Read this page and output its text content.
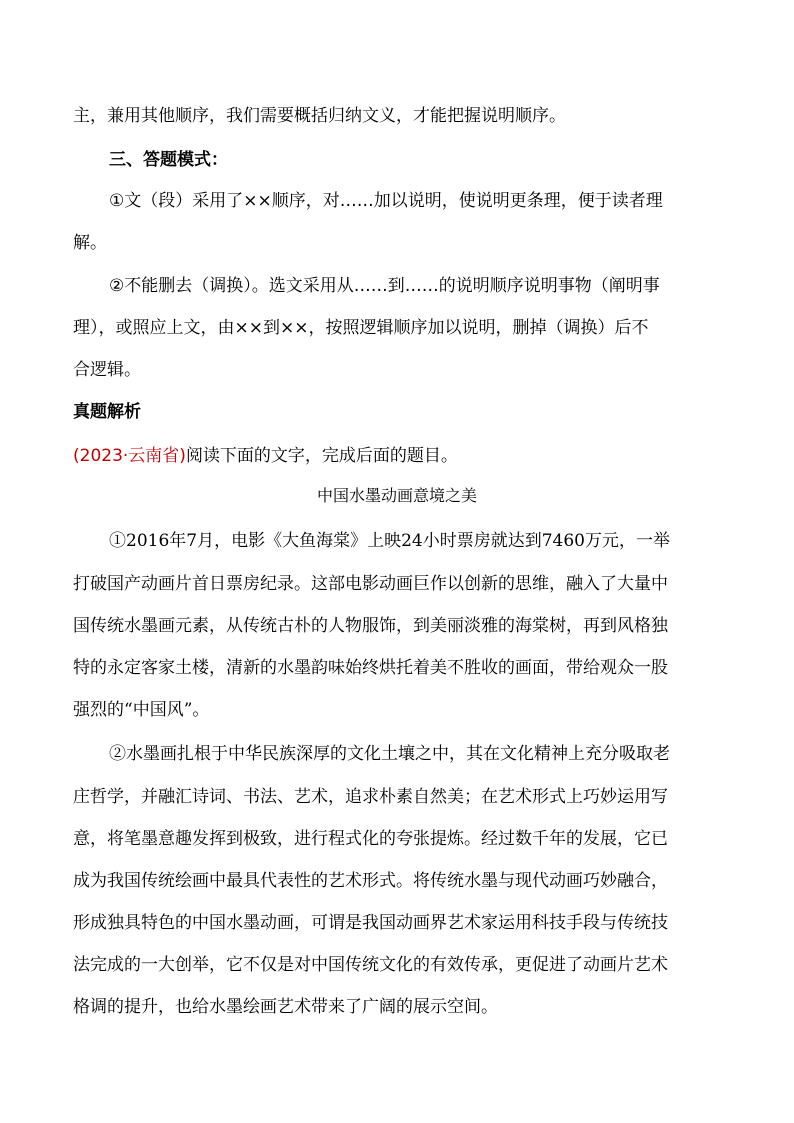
主，兼用其他顺序，我们需要概括归纳文义，才能把握说明顺序。
三、答题模式：
①文（段）采用了××顺序，对……加以说明，使说明更条理，便于读者理
解。
②不能删去（调换）。选文采用从……到……的说明顺序说明事物（阐明事
理），或照应上文，由××到××，按照逻辑顺序加以说明，删掉（调换）后不
合逻辑。
真题解析
(2023·云南省)阅读下面的文字，完成后面的题目。
中国水墨动画意境之美
①2016年7月，电影《大鱼海棠》上映24小时票房就达到7460万元，一举
打破国产动画片首日票房纪录。这部电影动画巨作以创新的思维，融入了大量中
国传统水墨画元素，从传统古朴的人物服饰，到美丽淡雅的海棠树，再到风格独
特的永定客家土楼，清新的水墨韵味始终烘托着美不胜收的画面，带给观众一股
强烈的“中国风”。
②水墨画扎根于中华民族深厚的文化土壤之中，其在文化精神上充分吸取老
庄哲学，并融汇诗词、书法、艺术，追求朴素自然美；在艺术形式上巧妙运用写
意，将笔墨意趣发挥到极致，进行程式化的夸张提炼。经过数千年的发展，它已
成为我国传统绘画中最具代表性的艺术形式。将传统水墨与现代动画巧妙融合，
形成独具特色的中国水墨动画，可谓是我国动画界艺术家运用科技手段与传统技
法完成的一大创举，它不仅是对中国传统文化的有效传承，更促进了动画片艺术
格调的提升，也给水墨绘画艺术带来了广阔的展示空间。
